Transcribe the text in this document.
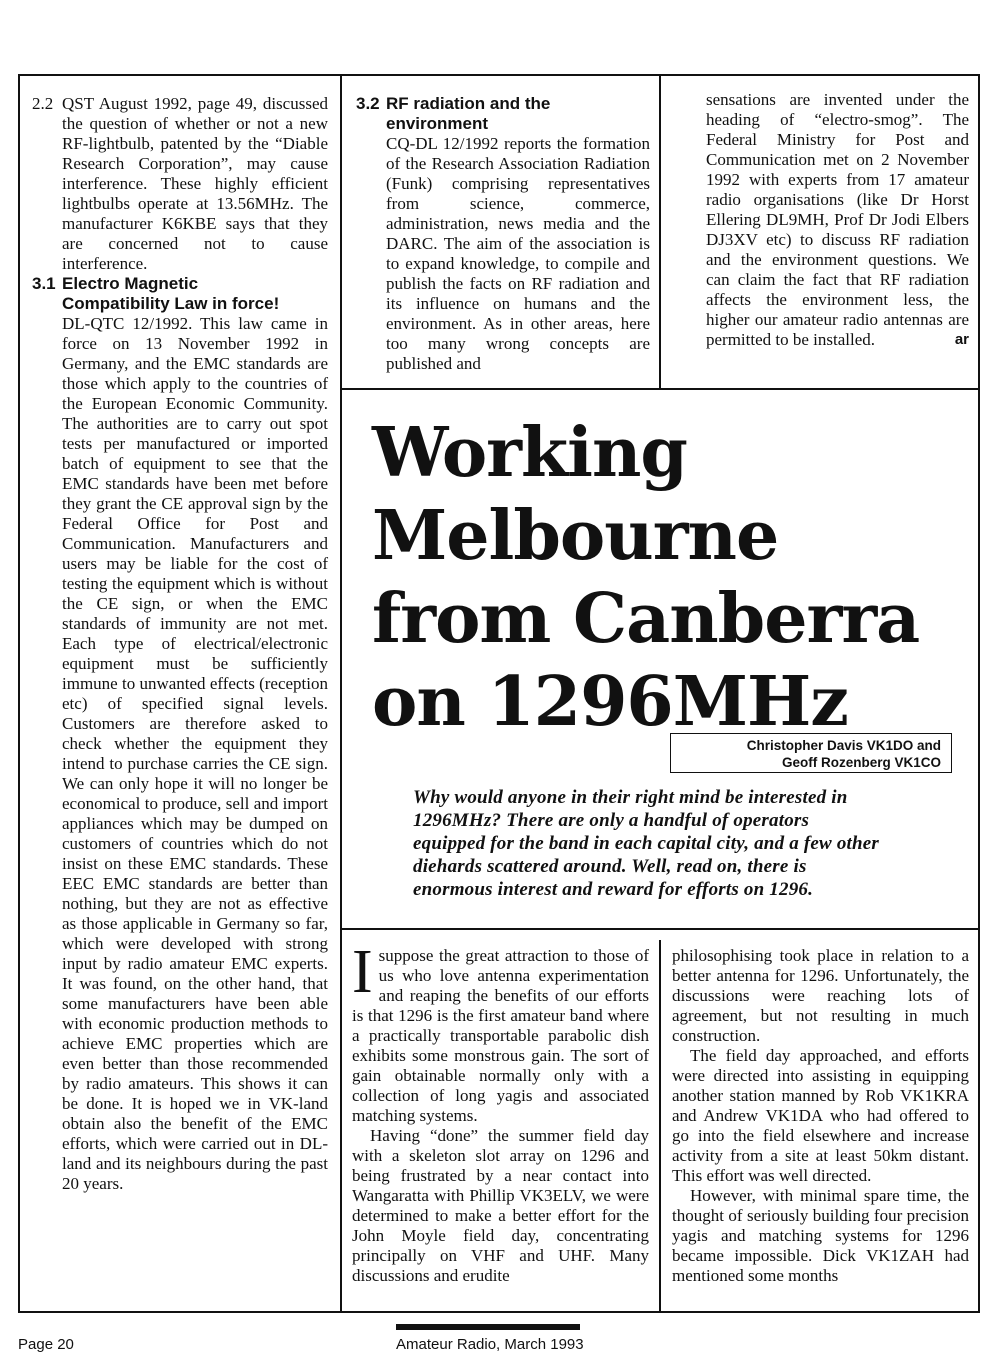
2.2 QST August 1992, page 49, discussed the question of whether or not a new RF-lightbulb, patented by the “Diable Research Corporation”, may cause interference. These highly efficient lightbulbs operate at 13.56MHz. The manufacturer K6KBE says that they are concerned not to cause interference.
3.1 Electro Magnetic
Compatibility Law in force!

DL-QTC 12/1992. This law came in force on 13 November 1992 in Germany, and the EMC standards are those which apply to the countries of the European Economic Community. The authorities are to carry out spot tests per manufactured or imported batch of equipment to see that the EMC standards have been met before they grant the CE approval sign by the Federal Office for Post and Communication. Manufacturers and users may be liable for the cost of testing the equipment which is without the CE sign, or when the EMC standards of immunity are not met. Each type of electrical/electronic equipment must be sufficiently immune to unwanted effects (reception etc) of specified signal levels. Customers are therefore asked to check whether the equipment they intend to purchase carries the CE sign. We can only hope it will no longer be economical to produce, sell and import appliances which may be dumped on customers of countries which do not insist on these EMC standards. These EEC EMC standards are better than nothing, but they are not as effective as those applicable in Germany so far, which were developed with strong input by radio amateur EMC experts. It was found, on the other hand, that some manufacturers have been able with economic production methods to achieve EMC properties which are even better than those recommended by radio amateurs. This shows it can be done. It is hoped we in VK-land obtain also the benefit of the EMC efforts, which were carried out in DL-land and its neighbours during the past 20 years.

3.2 RF radiation and the
environment

CQ-DL 12/1992 reports the formation of the Research Association Radiation (Funk) comprising representatives from science, commerce, administration, news media and the DARC. The aim of the association is to expand knowledge, to compile and publish the facts on RF radiation and its influence on humans and the environment. As in other areas, here too many wrong concepts are published and

sensations are invented under the heading of “electro-smog”. The Federal Ministry for Post and Communication met on 2 November 1992 with experts from 17 amateur radio organisations (like Dr Horst Ellering DL9MH, Prof Dr Jodi Elbers DJ3XV etc) to discuss RF radiation and the environment questions. We can claim the fact that RF radiation affects the environment less, the higher our amateur radio antennas are permitted to be installed.	ar

Working
Melbourne
from Canberra
on 1296MHz
Christopher Davis VK1DO and
Geoff Rozenberg VK1CO

Why would anyone in their right mind be interested in 1296MHz? There are only a handful of operators equipped for the band in each capital city, and a few other diehards scattered around. Well, read on, there is enormous interest and reward for efforts on 1296.

Isuppose the great attraction to those of us who love antenna experimentation and reaping the benefits of our efforts is that 1296 is the first amateur band where a practically transportable parabolic dish exhibits some monstrous gain. The sort of gain obtainable normally only with a collection of long yagis and associated matching systems.

Having “done” the summer field day with a skeleton slot array on 1296 and being frustrated by a near contact into Wangaratta with Phillip VK3ELV, we were determined to make a better effort for the John Moyle field day, concentrating principally on VHF and UHF. Many discussions and erudite

philosophising took place in relation to a better antenna for 1296. Unfortunately, the discussions were reaching lots of agreement, but not resulting in much construction.

The field day approached, and efforts were directed into assisting in equipping another station manned by Rob VK1KRA and Andrew VK1DA who had offered to go into the field elsewhere and increase activity from a site at least 50km distant. This effort was well directed.

However, with minimal spare time, the thought of seriously building four precision yagis and matching systems for 1296 became impossible. Dick VK1ZAH had mentioned some months

Page 20	Amateur Radio, March 1993
